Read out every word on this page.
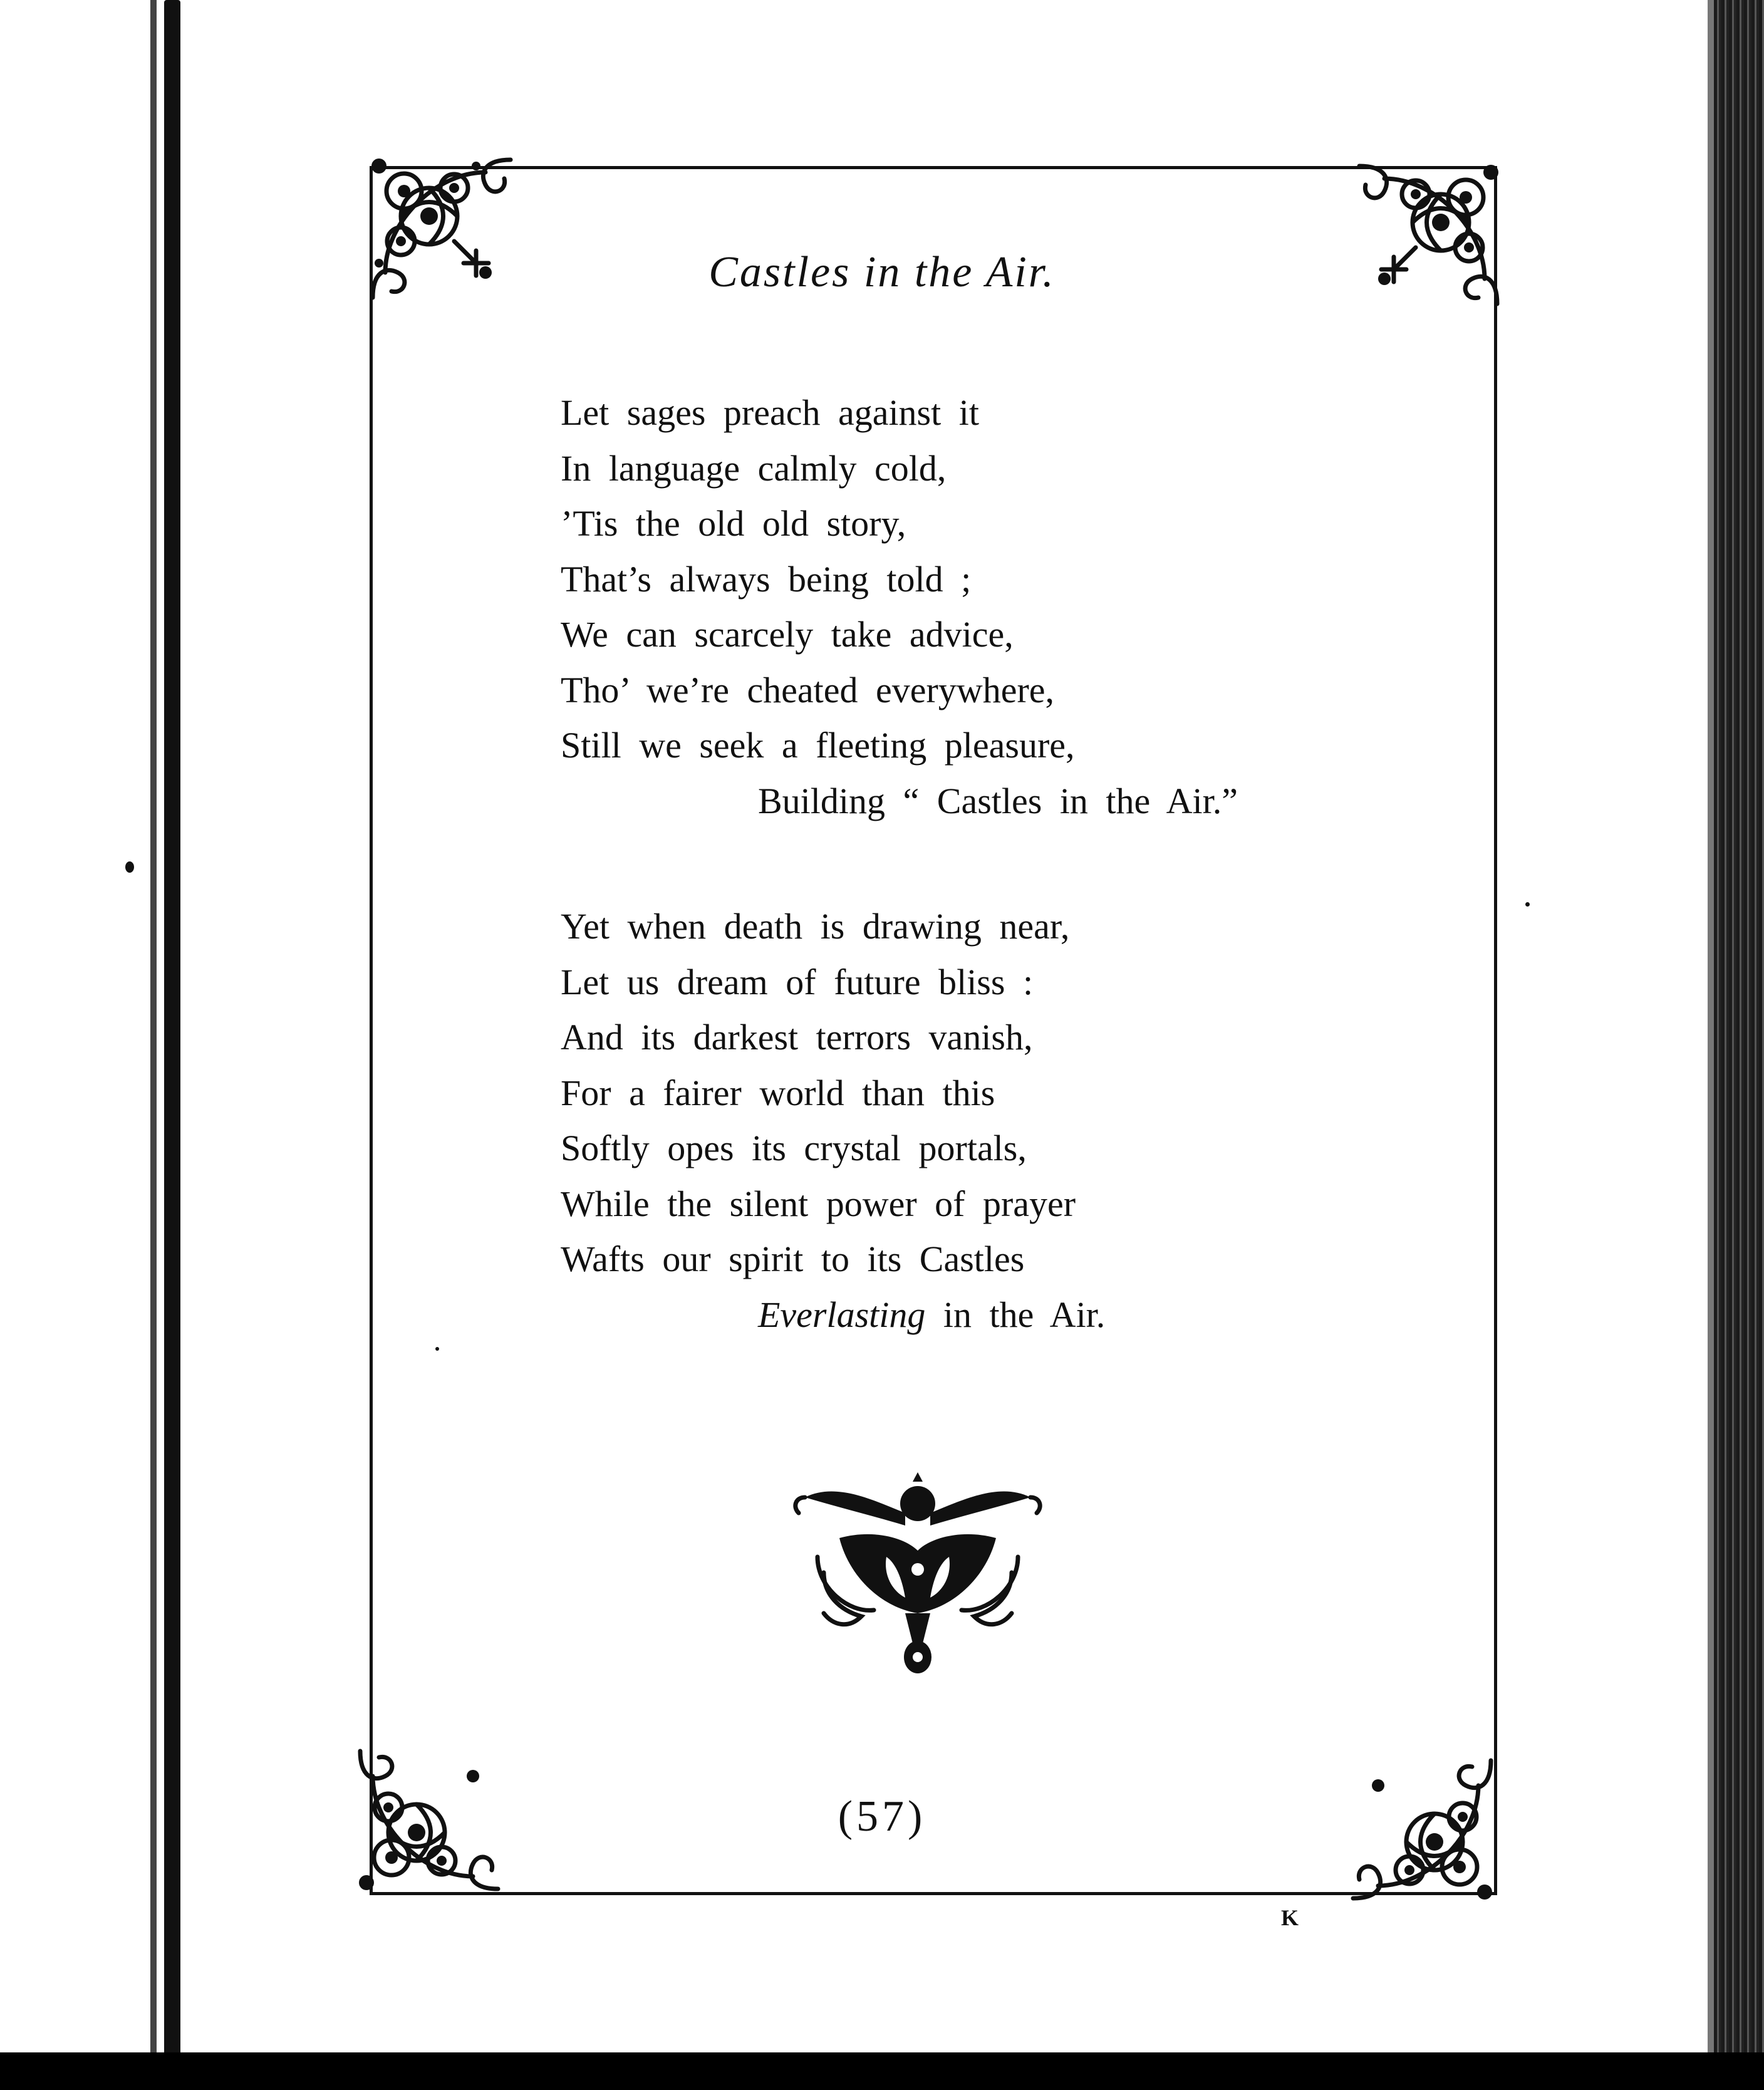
Castles in the Air.
Let sages preach against it
In language calmly cold,
’Tis the old old story,
That’s always being told ;
We can scarcely take advice,
Tho’ we’re cheated everywhere,
Still we seek a fleeting pleasure,
Building “ Castles in the Air.”
Yet when death is drawing near,
Let us dream of future bliss :
And its darkest terrors vanish,
For a fairer world than this
Softly opes its crystal portals,
While the silent power of prayer
Wafts our spirit to its Castles
Everlasting in the Air.
(57)
K
